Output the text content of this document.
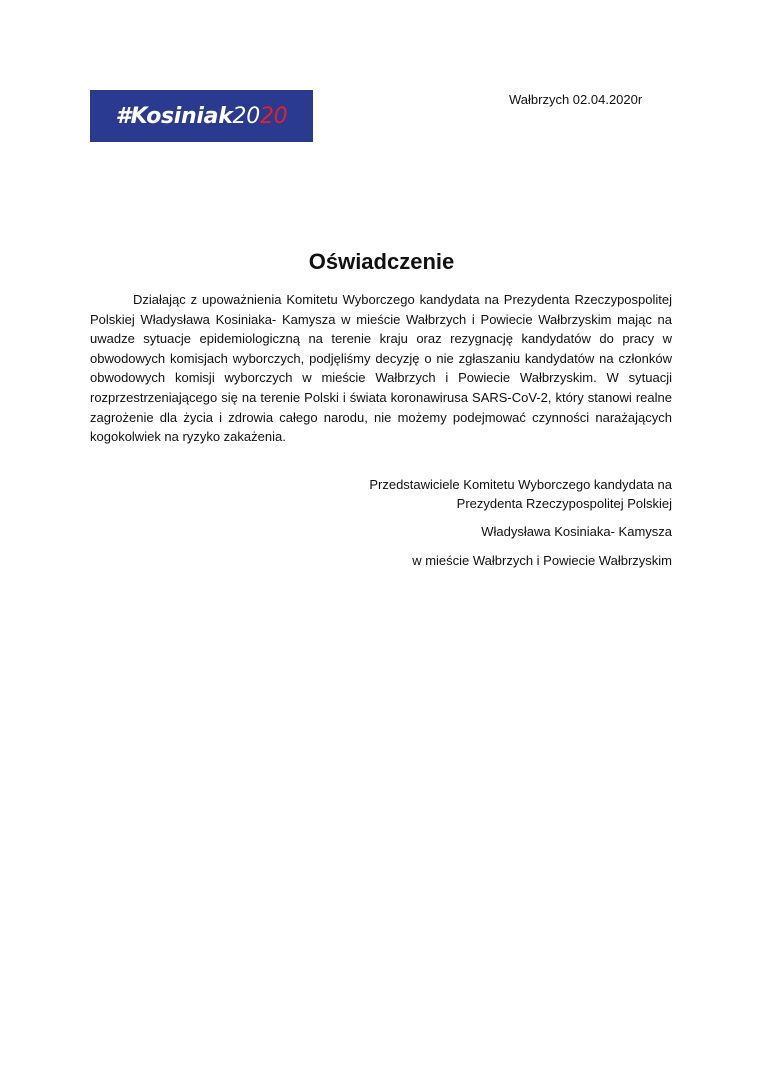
#Kosiniak2020
Wałbrzych 02.04.2020r
Oświadczenie

Działając z upoważnienia Komitetu Wyborczego kandydata na Prezydenta Rzeczypospolitej Polskiej Władysława Kosiniaka- Kamysza w mieście Wałbrzych i Powiecie Wałbrzyskim mając na uwadze sytuacje epidemiologiczną na terenie kraju oraz rezygnację kandydatów do pracy w obwodowych komisjach wyborczych, podjęliśmy decyzję o nie zgłaszaniu kandydatów na członków obwodowych komisji wyborczych w mieście Wałbrzych i Powiecie Wałbrzyskim. W sytuacji rozprzestrzeniającego się na terenie Polski i świata koronawirusa SARS-CoV-2, który stanowi realne zagrożenie dla życia i zdrowia całego narodu, nie możemy podejmować czynności narażających kogokolwiek na ryzyko zakażenia.

Przedstawiciele Komitetu Wyborczego kandydata na
Prezydenta Rzeczypospolitej Polskiej
Władysława Kosiniaka- Kamysza
w mieście Wałbrzych i Powiecie Wałbrzyskim
